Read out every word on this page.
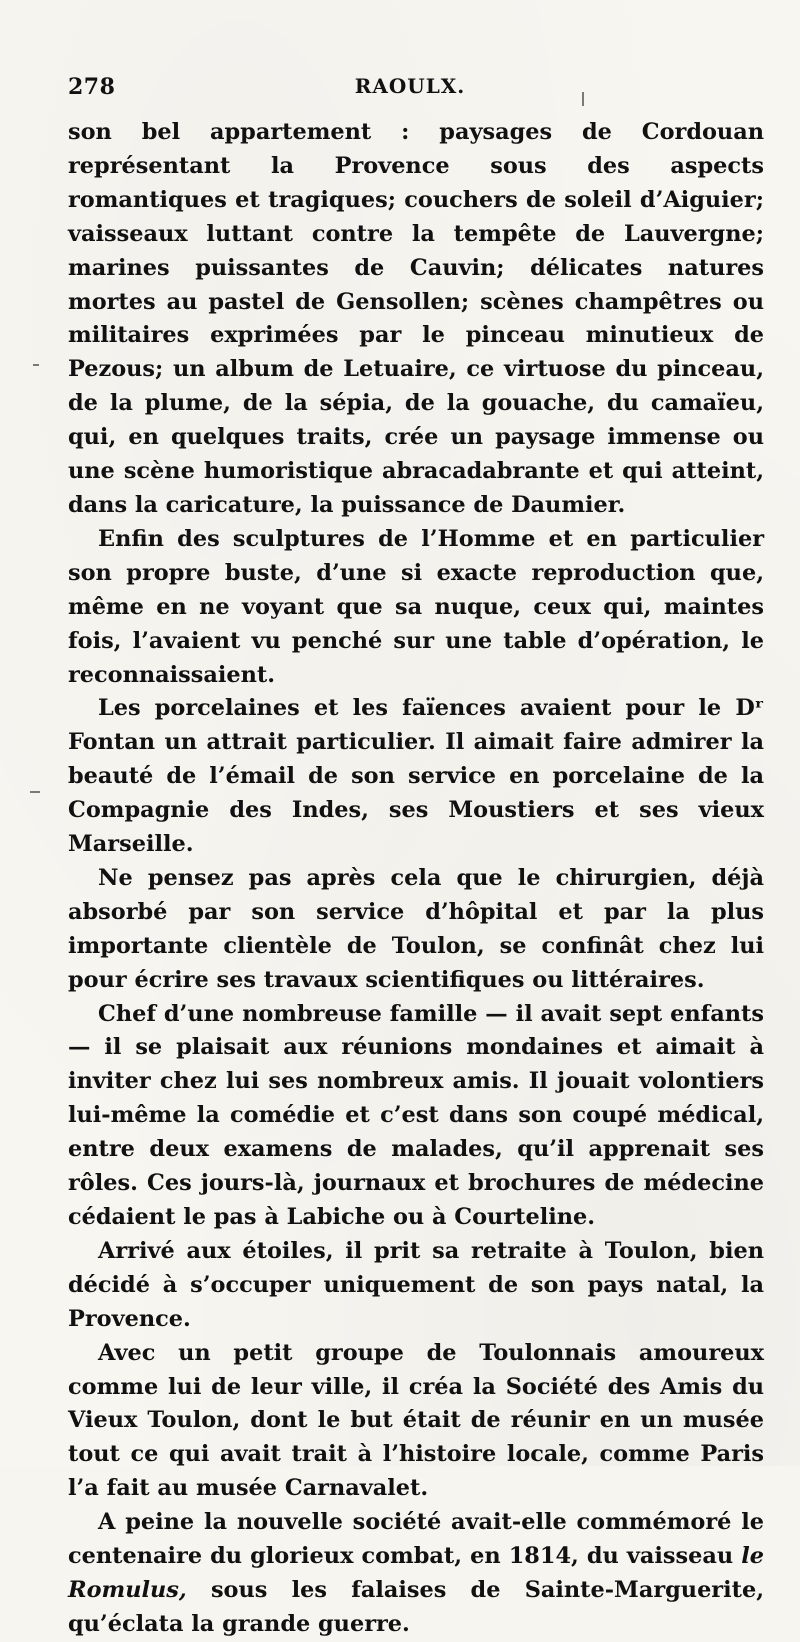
278	RAOULX.

son bel appartement : paysages de Cordouan représentant la Provence sous des aspects romantiques et tragiques; couchers de soleil d’Aiguier; vaisseaux luttant contre la tempête de Lauvergne; marines puissantes de Cauvin; délicates natures mortes au pastel de Gensollen; scènes champêtres ou militaires exprimées par le pinceau minutieux de Pezous; un album de Letuaire, ce virtuose du pinceau, de la plume, de la sépia, de la gouache, du camaïeu, qui, en quelques traits, crée un paysage immense ou une scène humoristique abracadabrante et qui atteint, dans la caricature, la puissance de Daumier.

Enfin des sculptures de l’Homme et en particulier son propre buste, d’une si exacte reproduction que, même en ne voyant que sa nuque, ceux qui, maintes fois, l’avaient vu penché sur une table d’opération, le reconnaissaient.

Les porcelaines et les faïences avaient pour le Dʳ Fontan un attrait particulier. Il aimait faire admirer la beauté de l’émail de son service en porcelaine de la Compagnie des Indes, ses Moustiers et ses vieux Marseille.

Ne pensez pas après cela que le chirurgien, déjà absorbé par son service d’hôpital et par la plus importante clientèle de Toulon, se confinât chez lui pour écrire ses travaux scientifiques ou littéraires.

Chef d’une nombreuse famille — il avait sept enfants — il se plaisait aux réunions mondaines et aimait à inviter chez lui ses nombreux amis. Il jouait volontiers lui-même la comédie et c’est dans son coupé médical, entre deux examens de malades, qu’il apprenait ses rôles. Ces jours-là, journaux et brochures de médecine cédaient le pas à Labiche ou à Courteline.

Arrivé aux étoiles, il prit sa retraite à Toulon, bien décidé à s’occuper uniquement de son pays natal, la Provence.

Avec un petit groupe de Toulonnais amoureux comme lui de leur ville, il créa la Société des Amis du Vieux Toulon, dont le but était de réunir en un musée tout ce qui avait trait à l’histoire locale, comme Paris l’a fait au musée Carnavalet.

A peine la nouvelle société avait-elle commémoré le centenaire du glorieux combat, en 1814, du vaisseau le Romulus, sous les falaises de Sainte-Marguerite, qu’éclata la grande guerre.
